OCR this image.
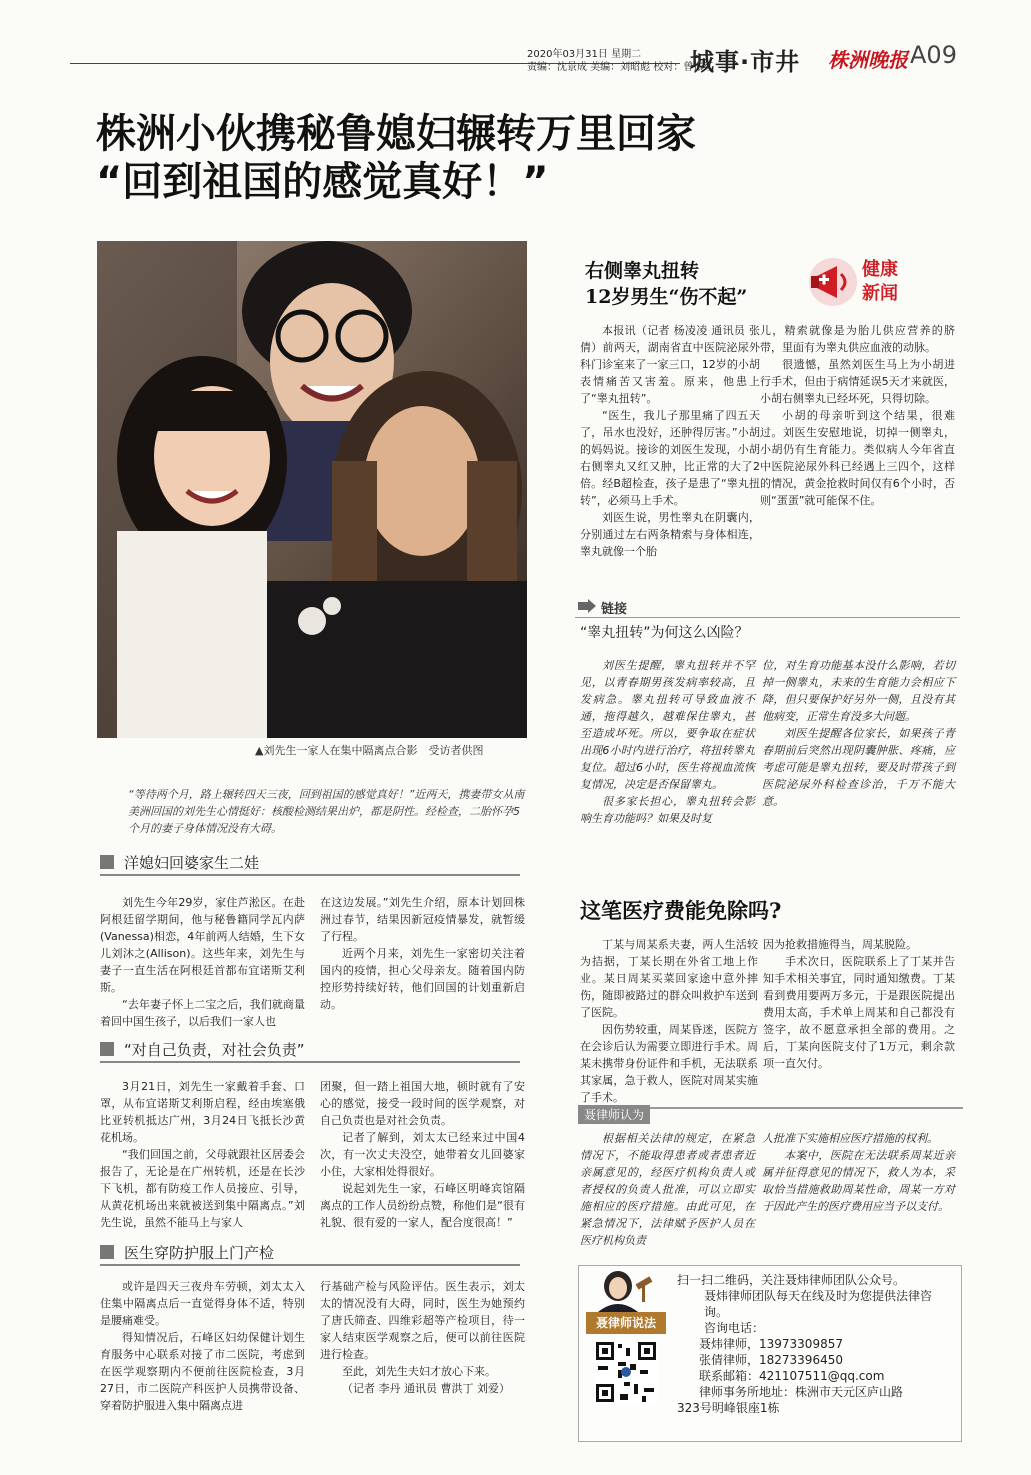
2020年03月31日 星期二
责编：沈景成 美编：刘昭彪 校对：曾振红
城事·市井 株洲晚报 A09
株洲小伙携秘鲁媳妇辗转万里回家
“回到祖国的感觉真好！”
▲刘先生一家人在集中隔离点合影　受访者供图
“等待两个月，路上辗转四天三夜，回到祖国的感觉真好！”近两天，携妻带女从南美洲回国的刘先生心情挺好：核酸检测结果出炉，都是阴性。经检查，二胎怀孕5个月的妻子身体情况没有大碍。
洋媳妇回婆家生二娃

刘先生今年29岁，家住芦淞区。在赴阿根廷留学期间，他与秘鲁籍同学瓦内萨(Vanessa)相恋，4年前两人结婚，生下女儿刘沐之(Allison)。这些年来，刘先生与妻子一直生活在阿根廷首都布宜诺斯艾利斯。

“去年妻子怀上二宝之后，我们就商量着回中国生孩子，以后我们一家人也

在这边发展。”刘先生介绍，原本计划回株洲过春节，结果因新冠疫情暴发，就暂缓了行程。

近两个月来，刘先生一家密切关注着国内的疫情，担心父母亲友。随着国内防控形势持续好转，他们回国的计划重新启动。

“对自己负责，对社会负责”

3月21日，刘先生一家戴着手套、口罩，从布宜诺斯艾利斯启程，经由埃塞俄比亚转机抵达广州，3月24日飞抵长沙黄花机场。

“我们回国之前，父母就跟社区居委会报告了，无论是在广州转机，还是在长沙下飞机，都有防疫工作人员接应、引导，从黄花机场出来就被送到集中隔离点。”刘先生说，虽然不能马上与家人

团聚，但一踏上祖国大地，顿时就有了安心的感觉，接受一段时间的医学观察，对自己负责也是对社会负责。

记者了解到，刘太太已经来过中国4次，有一次丈夫没空，她带着女儿回婆家小住，大家相处得很好。

说起刘先生一家，石峰区明峰宾馆隔离点的工作人员纷纷点赞，称他们是“很有礼貌、很有爱的一家人，配合度很高！”

医生穿防护服上门产检

或许是四天三夜舟车劳顿，刘太太入住集中隔离点后一直觉得身体不适，特别是腰痛难受。

得知情况后，石峰区妇幼保健计划生育服务中心联系对接了市二医院，考虑到在医学观察期内不便前往医院检查，3月27日，市二医院产科医护人员携带设备、穿着防护服进入集中隔离点进

行基础产检与风险评估。医生表示，刘太太的情况没有大碍，同时，医生为她预约了唐氏筛查、四维彩超等产检项目，待一家人结束医学观察之后，便可以前往医院进行检查。

至此，刘先生夫妇才放心下来。

（记者 李丹 通讯员 曹洪丁 刘爱）

右侧睾丸扭转
12岁男生“伤不起”
健康
新闻

本报讯（记者 杨凌凌 通讯员 张倩）前两天，湖南省直中医院泌尿外科门诊室来了一家三口，12岁的小胡表情痛苦又害羞。原来，他患上了“睾丸扭转”。

“医生，我儿子那里痛了四五天了，吊水也没好，还肿得厉害。”小胡的妈妈说。接诊的刘医生发现，小胡右侧睾丸又红又肿，比正常的大了2倍。经B超检查，孩子是患了“睾丸扭转”，必须马上手术。

刘医生说，男性睾丸在阴囊内，分别通过左右两条精索与身体相连，睾丸就像一个胎

儿，精索就像是为胎儿供应营养的脐带，里面有为睾丸供应血液的动脉。

很遗憾，虽然刘医生马上为小胡进行手术，但由于病情延误5天才来就医，小胡右侧睾丸已经坏死，只得切除。

小胡的母亲听到这个结果，很难过。刘医生安慰地说，切掉一侧睾丸，小胡仍有生育能力。类似病人今年省直中医院泌尿外科已经遇上三四个，这样的情况，黄金抢救时间仅有6个小时，否则“蛋蛋”就可能保不住。

链接
“睾丸扭转”为何这么凶险？

刘医生提醒，睾丸扭转并不罕见，以青春期男孩发病率较高，且发病急。睾丸扭转可导致血液不通，拖得越久，越难保住睾丸，甚至造成坏死。所以，要争取在症状出现6小时内进行治疗，将扭转睾丸复位。超过6小时，医生将视血流恢复情况，决定是否保留睾丸。

很多家长担心，睾丸扭转会影响生育功能吗？如果及时复

位，对生育功能基本没什么影响，若切掉一侧睾丸，未来的生育能力会相应下降，但只要保护好另外一侧，且没有其他病变，正常生育没多大问题。

刘医生提醒各位家长，如果孩子青春期前后突然出现阴囊肿胀、疼痛，应考虑可能是睾丸扭转，要及时带孩子到医院泌尿外科检查诊治，千万不能大意。

这笔医疗费能免除吗?

丁某与周某系夫妻，两人生活较为拮据，丁某长期在外省工地上作业。某日周某买菜回家途中意外摔伤，随即被路过的群众叫救护车送到了医院。

因伤势较重，周某昏迷，医院方在会诊后认为需要立即进行手术。周某未携带身份证件和手机，无法联系其家属，急于救人，医院对周某实施了手术。

因为抢救措施得当，周某脱险。

手术次日，医院联系上了丁某并告知手术相关事宜，同时通知缴费。丁某看到费用要两万多元，于是跟医院提出费用太高，手术单上周某和自己都没有签字，故不愿意承担全部的费用。之后，丁某向医院支付了1万元，剩余款项一直欠付。

聂律师认为

根据相关法律的规定，在紧急情况下，不能取得患者或者患者近亲属意见的，经医疗机构负责人或者授权的负责人批准，可以立即实施相应的医疗措施。由此可见，在紧急情况下，法律赋予医护人员在医疗机构负责

人批准下实施相应医疗措施的权利。

本案中，医院在无法联系周某近亲属并征得意见的情况下，救人为本，采取恰当措施救助周某性命，周某一方对于因此产生的医疗费用应当予以支付。

聂律师说法
扫一扫二维码，关注聂炜律师团队公众号。
聂炜律师团队每天在线及时为您提供法律咨询。
咨询电话：
聂炜律师，13973309857
张倩律师，18273396450
联系邮箱：421107511@qq.com
律师事务所地址：株洲市天元区庐山路
323号明峰银座1栋
